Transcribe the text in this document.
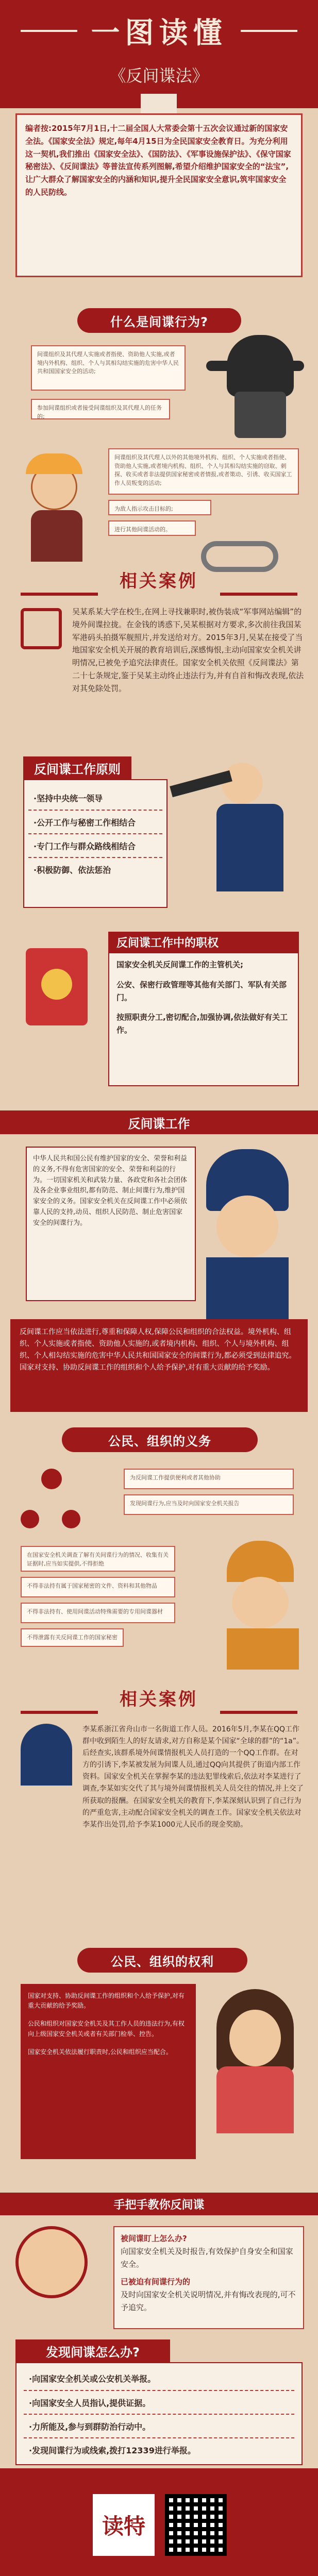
一图读懂
《反间谍法》
编者按:2015年7月1日,十二届全国人大常委会第十五次会议通过新的国家安全法。《国家安全法》规定,每年4月15日为全民国家安全教育日。为充分利用这一契机,我们推出《国家安全法》、《国防法》、《军事设施保护法》、《保守国家秘密法》、《反间谍法》等普法宣传系列图解,希望介绍维护国家安全的“法宝”,让广大群众了解国家安全的内涵和知识,提升全民国家安全意识,筑牢国家安全的人民防线。
什么是间谍行为?
间谍组织及其代理人实施或者指使、资助他人实施,或者境内外机构、组织、个人与其相勾结实施的危害中华人民共和国国家安全的活动;
参加间谍组织或者接受间谍组织及其代理人的任务的;
间谍组织及其代理人以外的其他境外机构、组织、个人实施或者指使、资助他人实施,或者境内机构、组织、个人与其相勾结实施的窃取、刺探、收买或者非法提供国家秘密或者情报,或者策动、引诱、收买国家工作人员叛变的活动;
为敌人指示攻击目标的;
进行其他间谍活动的。
相关案例
吴某系某大学在校生,在网上寻找兼职时,被伪装成“军事网站编辑”的境外间谍拉拢。在金钱的诱惑下,吴某根据对方要求,多次前往我国某军港码头拍摄军舰照片,并发送给对方。2015年3月,吴某在接受了当地国家安全机关开展的教育培训后,深感悔恨,主动向国家安全机关讲明情况,已被免予追究法律责任。国家安全机关依照《反间谍法》第二十七条规定,鉴于吴某主动终止违法行为,并有自首和悔改表现,依法对其免除处罚。
反间谍工作原则
·坚持中央统一领导
·公开工作与秘密工作相结合
·专门工作与群众路线相结合
·积极防御、依法惩治
反间谍工作中的职权
国家安全机关反间谍工作的主管机关;
公安、保密行政管理等其他有关部门、军队有关部门。
按照职责分工,密切配合,加强协调,依法做好有关工作。
反间谍工作
中华人民共和国公民有维护国家的安全、荣誉和利益的义务,不得有危害国家的安全、荣誉和利益的行为。一切国家机关和武装力量、各政党和各社会团体及各企业事业组织,都有防范、制止间谍行为,维护国家安全的义务。国家安全机关在反间谍工作中必须依靠人民的支持,动员、组织人民防范、制止危害国家安全的间谍行为。
反间谍工作应当依法进行,尊重和保障人权,保障公民和组织的合法权益。境外机构、组织、个人实施或者指使、资助他人实施的,或者境内机构、组织、个人与境外机构、组织、个人相勾结实施的危害中华人民共和国国家安全的间谍行为,都必须受到法律追究。国家对支持、协助反间谍工作的组织和个人给予保护,对有重大贡献的给予奖励。
公民、组织的义务
为反间谍工作提供便利或者其他协助
发现间谍行为,应当及时向国家安全机关报告
在国家安全机关调查了解有关间谍行为的情况、收集有关证据时,应当如实提供,不得拒绝
不得非法持有属于国家秘密的文件、资料和其他物品
不得非法持有、使用间谍活动特殊需要的专用间谍器材
不得泄露有关反间谍工作的国家秘密
相关案例
李某系浙江省舟山市一名街道工作人员。2016年5月,李某在QQ工作群中收到陌生人的好友请求,对方自称是某个国家“全球的群”的“1a”。后经查实,该群系境外间谍情报机关人员打造的一个QQ工作群。在对方的引诱下,李某被发展为间谍人员,通过QQ向其提供了街道内部工作资料。国家安全机关在掌握李某的违法犯罪线索后,依法对李某进行了调查,李某如实交代了其与境外间谍情报机关人员交往的情况,并上交了所获取的报酬。在国家安全机关的教育下,李某深刻认识到了自己行为的严重危害,主动配合国家安全机关的调查工作。国家安全机关依法对李某作出处罚,给予李某1000元人民币的现金奖励。
公民、组织的权利
国家对支持、协助反间谍工作的组织和个人给予保护,对有重大贡献的给予奖励。
公民和组织对国家安全机关及其工作人员的违法行为,有权向上级国家安全机关或者有关部门检举、控告。
国家安全机关依法履行职责时,公民和组织应当配合。
手把手教你反间谍
被间谍盯上怎么办?
向国家安全机关及时报告,有效保护自身安全和国家安全。
已被迫有间谍行为的
及时向国家安全机关说明情况,并有悔改表现的,可不予追究。
发现间谍怎么办?
·向国家安全机关或公安机关举报。
·向国家安全人员指认,提供证据。
·力所能及,参与到群防治行动中。
·发现间谍行为或线索,拨打12339进行举报。
读特
